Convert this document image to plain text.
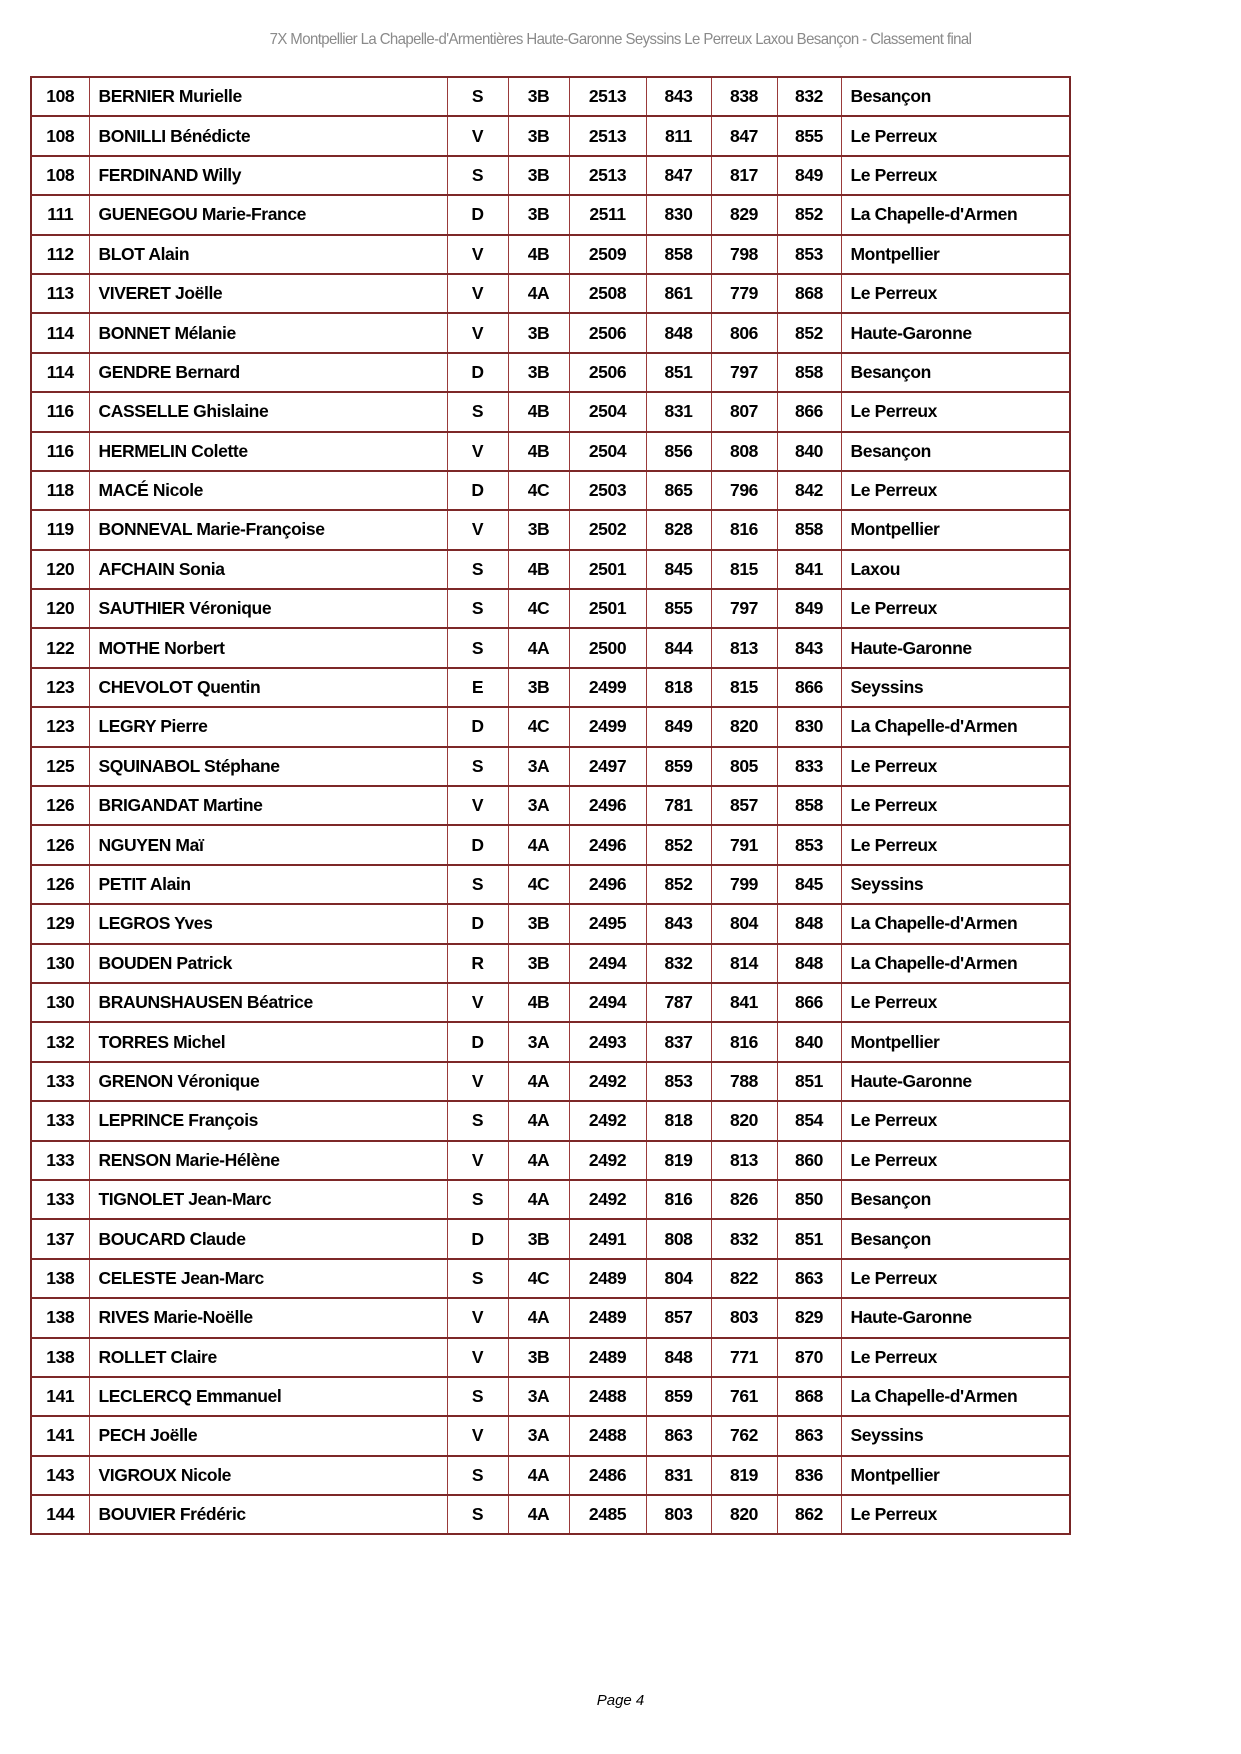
7X Montpellier La Chapelle-d'Armentières Haute-Garonne Seyssins Le Perreux Laxou Besançon - Classement final
108	BERNIER Murielle	S	3B	2513	843	838	832	Besançon
108	BONILLI Bénédicte	V	3B	2513	811	847	855	Le Perreux
108	FERDINAND Willy	S	3B	2513	847	817	849	Le Perreux
111	GUENEGOU Marie-France	D	3B	2511	830	829	852	La Chapelle-d'Armen
112	BLOT Alain	V	4B	2509	858	798	853	Montpellier
113	VIVERET Joëlle	V	4A	2508	861	779	868	Le Perreux
114	BONNET Mélanie	V	3B	2506	848	806	852	Haute-Garonne
114	GENDRE Bernard	D	3B	2506	851	797	858	Besançon
116	CASSELLE Ghislaine	S	4B	2504	831	807	866	Le Perreux
116	HERMELIN Colette	V	4B	2504	856	808	840	Besançon
118	MACÉ Nicole	D	4C	2503	865	796	842	Le Perreux
119	BONNEVAL Marie-Françoise	V	3B	2502	828	816	858	Montpellier
120	AFCHAIN Sonia	S	4B	2501	845	815	841	Laxou
120	SAUTHIER Véronique	S	4C	2501	855	797	849	Le Perreux
122	MOTHE Norbert	S	4A	2500	844	813	843	Haute-Garonne
123	CHEVOLOT Quentin	E	3B	2499	818	815	866	Seyssins
123	LEGRY Pierre	D	4C	2499	849	820	830	La Chapelle-d'Armen
125	SQUINABOL Stéphane	S	3A	2497	859	805	833	Le Perreux
126	BRIGANDAT Martine	V	3A	2496	781	857	858	Le Perreux
126	NGUYEN Maï	D	4A	2496	852	791	853	Le Perreux
126	PETIT Alain	S	4C	2496	852	799	845	Seyssins
129	LEGROS Yves	D	3B	2495	843	804	848	La Chapelle-d'Armen
130	BOUDEN Patrick	R	3B	2494	832	814	848	La Chapelle-d'Armen
130	BRAUNSHAUSEN Béatrice	V	4B	2494	787	841	866	Le Perreux
132	TORRES Michel	D	3A	2493	837	816	840	Montpellier
133	GRENON Véronique	V	4A	2492	853	788	851	Haute-Garonne
133	LEPRINCE François	S	4A	2492	818	820	854	Le Perreux
133	RENSON Marie-Hélène	V	4A	2492	819	813	860	Le Perreux
133	TIGNOLET Jean-Marc	S	4A	2492	816	826	850	Besançon
137	BOUCARD Claude	D	3B	2491	808	832	851	Besançon
138	CELESTE Jean-Marc	S	4C	2489	804	822	863	Le Perreux
138	RIVES Marie-Noëlle	V	4A	2489	857	803	829	Haute-Garonne
138	ROLLET Claire	V	3B	2489	848	771	870	Le Perreux
141	LECLERCQ Emmanuel	S	3A	2488	859	761	868	La Chapelle-d'Armen
141	PECH Joëlle	V	3A	2488	863	762	863	Seyssins
143	VIGROUX Nicole	S	4A	2486	831	819	836	Montpellier
144	BOUVIER Frédéric	S	4A	2485	803	820	862	Le Perreux
Page 4
